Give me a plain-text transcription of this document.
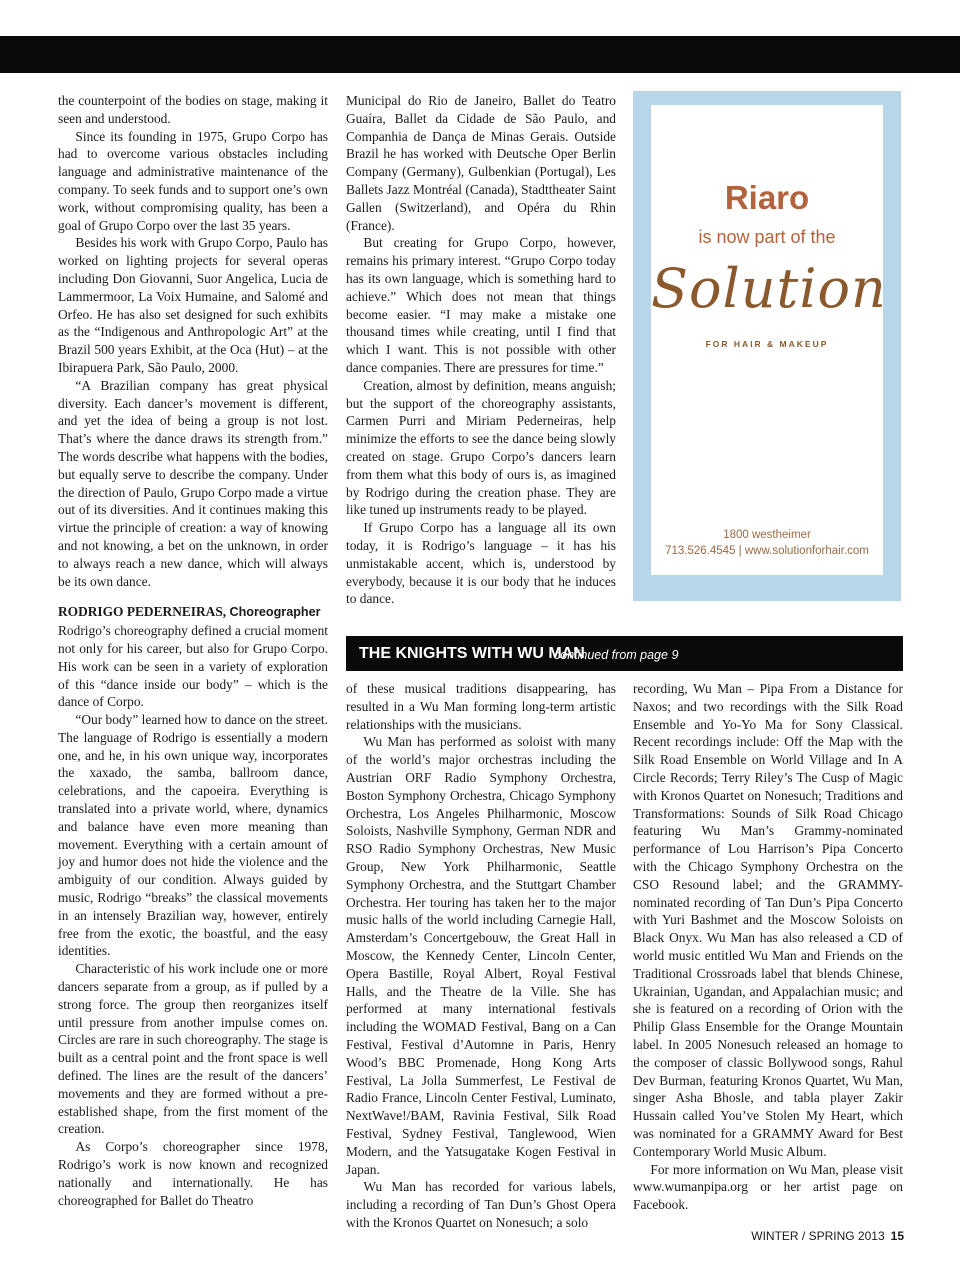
the counterpoint of the bodies on stage, making it seen and understood.

Since its founding in 1975, Grupo Corpo has had to overcome various obstacles including language and administrative maintenance of the company. To seek funds and to support one’s own work, without compromising quality, has been a goal of Grupo Corpo over the last 35 years.

Besides his work with Grupo Corpo, Paulo has worked on lighting projects for several operas including Don Giovanni, Suor Angelica, Lucia de Lammermoor, La Voix Humaine, and Salomé and Orfeo. He has also set designed for such exhibits as the “Indigenous and Anthropologic Art” at the Brazil 500 years Exhibit, at the Oca (Hut) – at the Ibirapuera Park, São Paulo, 2000.

“A Brazilian company has great physical diversity. Each dancer’s movement is different, and yet the idea of being a group is not lost. That’s where the dance draws its strength from.” The words describe what happens with the bodies, but equally serve to describe the company. Under the direction of Paulo, Grupo Corpo made a virtue out of its diversities. And it continues making this virtue the principle of creation: a way of knowing and not knowing, a bet on the unknown, in order to always reach a new dance, which will always be its own dance.

RODRIGO PEDERNEIRAS, Choreographer

Rodrigo’s choreography defined a crucial moment not only for his career, but also for Grupo Corpo. His work can be seen in a variety of exploration of this “dance inside our body” – which is the dance of Corpo.

“Our body” learned how to dance on the street. The language of Rodrigo is essentially a modern one, and he, in his own unique way, incorporates the xaxado, the samba, ballroom dance, celebrations, and the capoeira. Everything is translated into a private world, where, dynamics and balance have even more meaning than movement. Everything with a certain amount of joy and humor does not hide the violence and the ambiguity of our condition. Always guided by music, Rodrigo “breaks” the classical movements in an intensely Brazilian way, however, entirely free from the exotic, the boastful, and the easy identities.

Characteristic of his work include one or more dancers separate from a group, as if pulled by a strong force. The group then reorganizes itself until pressure from another impulse comes on. Circles are rare in such choreography. The stage is built as a central point and the front space is well defined. The lines are the result of the dancers’ movements and they are formed without a pre-established shape, from the first moment of the creation.

As Corpo’s choreographer since 1978, Rodrigo’s work is now known and recognized nationally and internationally. He has choreographed for Ballet do Theatro

Municipal do Rio de Janeiro, Ballet do Teatro Guaíra, Ballet da Cidade de São Paulo, and Companhia de Dança de Minas Gerais. Outside Brazil he has worked with Deutsche Oper Berlin Company (Germany), Gulbenkian (Portugal), Les Ballets Jazz Montréal (Canada), Stadttheater Saint Gallen (Switzerland), and Opéra du Rhin (France).

But creating for Grupo Corpo, however, remains his primary interest. “Grupo Corpo today has its own language, which is something hard to achieve.” Which does not mean that things become easier. “I may make a mistake one thousand times while creating, until I find that which I want. This is not possible with other dance companies. There are pressures for time.”

Creation, almost by definition, means anguish; but the support of the choreography assistants, Carmen Purri and Miriam Pederneiras, help minimize the efforts to see the dance being slowly created on stage. Grupo Corpo’s dancers learn from them what this body of ours is, as imagined by Rodrigo during the creation phase. They are like tuned up instruments ready to be played.

If Grupo Corpo has a language all its own today, it is Rodrigo’s language – it has his unmistakable accent, which is, understood by everybody, because it is our body that he induces to dance.

Riaro
is now part of the
Solution
FOR HAIR & MAKEUP
1800 westheimer
713.526.4545 | www.solutionforhair.com
THE KNIGHTS WITH WU MAN
continued from page 9

of these musical traditions disappearing, has resulted in a Wu Man forming long-term artistic relationships with the musicians.

Wu Man has performed as soloist with many of the world’s major orchestras including the Austrian ORF Radio Symphony Orchestra, Boston Symphony Orchestra, Chicago Symphony Orchestra, Los Angeles Philharmonic, Moscow Soloists, Nashville Symphony, German NDR and RSO Radio Symphony Orchestras, New Music Group, New York Philharmonic, Seattle Symphony Orchestra, and the Stuttgart Chamber Orchestra. Her touring has taken her to the major music halls of the world including Carnegie Hall, Amsterdam’s Concertgebouw, the Great Hall in Moscow, the Kennedy Center, Lincoln Center, Opera Bastille, Royal Albert, Royal Festival Halls, and the Theatre de la Ville. She has performed at many international festivals including the WOMAD Festival, Bang on a Can Festival, Festival d’Automne in Paris, Henry Wood’s BBC Promenade, Hong Kong Arts Festival, La Jolla Summerfest, Le Festival de Radio France, Lincoln Center Festival, Luminato, NextWave!/BAM, Ravinia Festival, Silk Road Festival, Sydney Festival, Tanglewood, Wien Modern, and the Yatsugatake Kogen Festival in Japan.

Wu Man has recorded for various labels, including a recording of Tan Dun’s Ghost Opera with the Kronos Quartet on Nonesuch; a solo

recording, Wu Man – Pipa From a Distance for Naxos; and two recordings with the Silk Road Ensemble and Yo-Yo Ma for Sony Classical. Recent recordings include: Off the Map with the Silk Road Ensemble on World Village and In A Circle Records; Terry Riley’s The Cusp of Magic with Kronos Quartet on Nonesuch; Traditions and Transformations: Sounds of Silk Road Chicago featuring Wu Man’s Grammy-nominated performance of Lou Harrison’s Pipa Concerto with the Chicago Symphony Orchestra on the CSO Resound label; and the GRAMMY-nominated recording of Tan Dun’s Pipa Concerto with Yuri Bashmet and the Moscow Soloists on Black Onyx. Wu Man has also released a CD of world music entitled Wu Man and Friends on the Traditional Crossroads label that blends Chinese, Ukrainian, Ugandan, and Appalachian music; and she is featured on a recording of Orion with the Philip Glass Ensemble for the Orange Mountain label. In 2005 Nonesuch released an homage to the composer of classic Bollywood songs, Rahul Dev Burman, featuring Kronos Quartet, Wu Man, singer Asha Bhosle, and tabla player Zakir Hussain called You’ve Stolen My Heart, which was nominated for a GRAMMY Award for Best Contemporary World Music Album.

For more information on Wu Man, please visit www.wumanpipa.org or her artist page on Facebook.

WINTER / SPRING 2013 15
